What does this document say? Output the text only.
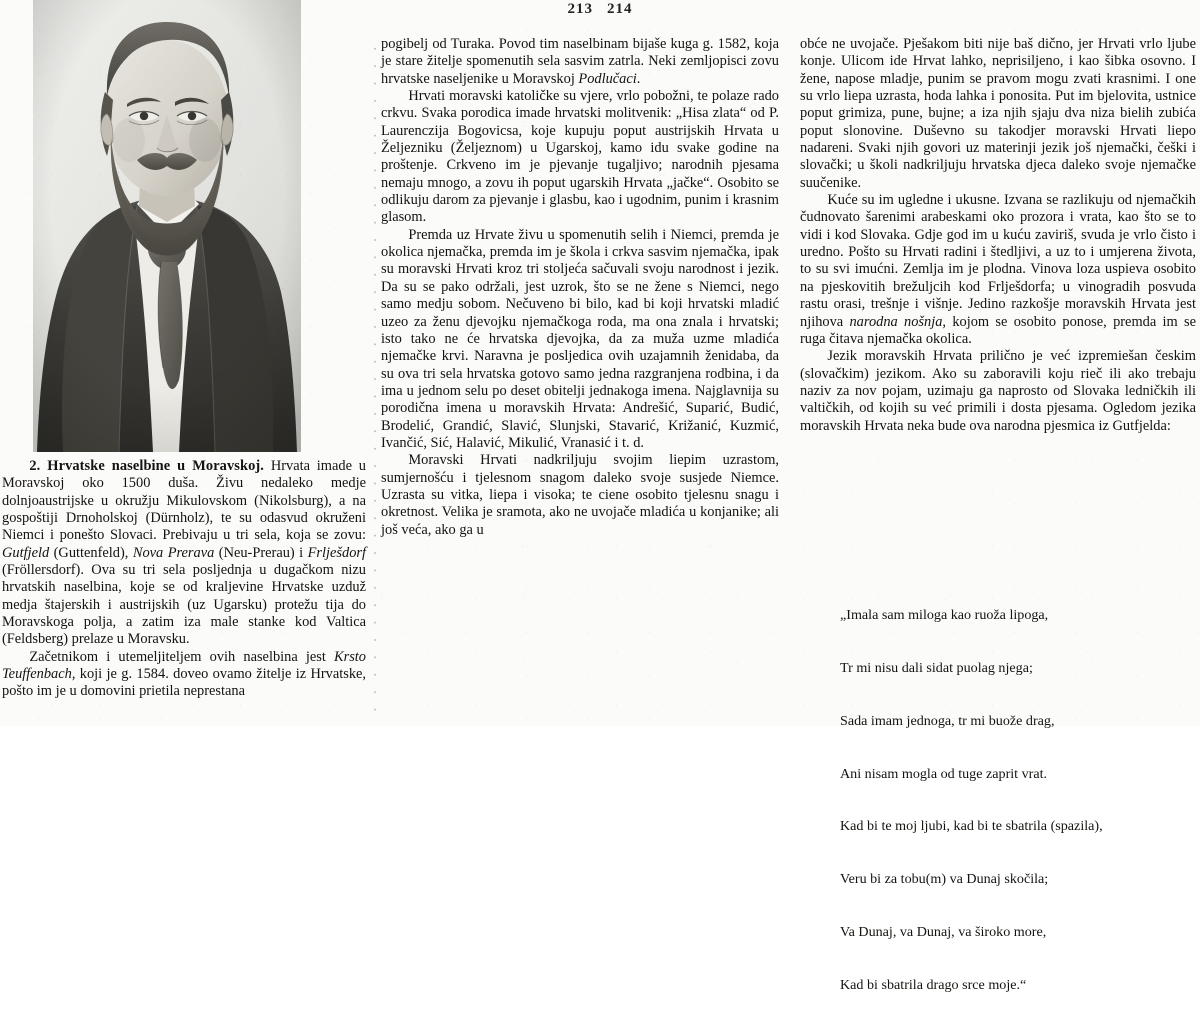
213 214

2. Hrvatske naselbine u Moravskoj. Hrvata imade u Moravskoj oko 1500 duša. Živu nedaleko medje dolnjoaustrijske u okružju Mikulovskom (Nikolsburg), a na gospoštiji Drnoholskoj (Dürnholz), te su odasvud okruženi Niemci i ponešto Slovaci. Prebivaju u tri sela, koja se zovu: Gutfjeld (Guttenfeld), Nova Prerava (Neu-Prerau) i Frlješdorf (Fröllersdorf). Ova su tri sela posljednja u dugačkom nizu hrvatskih naselbina, koje se od kraljevine Hrvatske uzduž medja štajerskih i austrijskih (uz Ugarsku) protežu tija do Moravskoga polja, a zatim iza male stanke kod Valtica (Feldsberg) prelaze u Moravsku.

Začetnikom i utemeljiteljem ovih naselbina jest Krsto Teuffenbach, koji je g. 1584. doveo ovamo žitelje iz Hrvatske, pošto im je u domovini prietila neprestana

pogibelj od Turaka. Povod tim naselbinam bijaše kuga g. 1582, koja je stare žitelje spomenutih sela sasvim zatrla. Neki zemljopisci zovu hrvatske naseljenike u Moravskoj Podlučaci.

Hrvati moravski katoličke su vjere, vrlo pobožni, te polaze rado crkvu. Svaka porodica imade hrvatski molitvenik: „Hisa zlata“ od P. Laurenczija Bogovicsa, koje kupuju poput austrijskih Hrvata u Željezniku (Željeznom) u Ugarskoj, kamo idu svake godine na proštenje. Crkveno im je pjevanje tugaljivo; narodnih pjesama nemaju mnogo, a zovu ih poput ugarskih Hrvata „jačke“. Osobito se odlikuju darom za pjevanje i glasbu, kao i ugodnim, punim i krasnim glasom.

Premda uz Hrvate živu u spomenutih selih i Niemci, premda je okolica njemačka, premda im je škola i crkva sasvim njemačka, ipak su moravski Hrvati kroz tri stoljeća sačuvali svoju narodnost i jezik. Da su se pako održali, jest uzrok, što se ne žene s Niemci, nego samo medju sobom. Nečuveno bi bilo, kad bi koji hrvatski mladić uzeo za ženu djevojku njemačkoga roda, ma ona znala i hrvatski; isto tako ne će hrvatska djevojka, da za muža uzme mladića njemačke krvi. Naravna je posljedica ovih uzajamnih ženidaba, da su ova tri sela hrvatska gotovo samo jedna razgranjena rodbina, i da ima u jednom selu po deset obitelji jednakoga imena. Najglavnija su porodična imena u moravskih Hrvata: Andrešić, Suparić, Budić, Brodelić, Grandić, Slavić, Slunjski, Stavarić, Križanić, Kuzmić, Ivančić, Sić, Halavić, Mikulić, Vranasić i t. d.

Moravski Hrvati nadkriljuju svojim liepim uzrastom, sumjernošću i tjelesnom snagom daleko svoje susjede Niemce. Uzrasta su vitka, liepa i visoka; te ciene osobito tjelesnu snagu i okretnost. Velika je sramota, ako ne uvojače mladića u konjanike; ali još veća, ako ga u

obće ne uvojače. Pješakom biti nije baš dično, jer Hrvati vrlo ljube konje. Ulicom ide Hrvat lahko, neprisiljeno, i kao šibka osovno. I žene, napose mladje, punim se pravom mogu zvati krasnimi. I one su vrlo liepa uzrasta, hoda lahka i ponosita. Put im bjelovita, ustnice poput grimiza, pune, bujne; a iza njih sjaju dva niza bielih zubića poput slonovine. Duševno su takodjer moravski Hrvati liepo nadareni. Svaki njih govori uz materinji jezik još njemački, češki i slovački; u školi nadkriljuju hrvatska djeca daleko svoje njemačke suučenike.

Kuće su im ugledne i ukusne. Izvana se razlikuju od njemačkih čudnovato šarenimi arabeskami oko prozora i vrata, kao što se to vidi i kod Slovaka. Gdje god im u kuću zaviriš, svuda je vrlo čisto i uredno. Pošto su Hrvati radini i štedljivi, a uz to i umjerena života, to su svi imućni. Zemlja im je plodna. Vinova loza uspieva osobito na pjeskovitih brežuljcih kod Frlješdorfa; u vinogradih posvuda rastu orasi, trešnje i višnje. Jedino razkošje moravskih Hrvata jest njihova narodna nošnja, kojom se osobito ponose, premda im se ruga čitava njemačka okolica.

Jezik moravskih Hrvata prilično je već izpremiešan českim (slovačkim) jezikom. Ako su zaboravili koju rieč ili ako trebaju naziv za nov pojam, uzimaju ga naprosto od Slovaka ledničkih ili valtičkih, od kojih su već primili i dosta pjesama. Ogledom jezika moravskih Hrvata neka bude ova narodna pjesmica iz Gutfjelda:

„Imala sam miloga kao ruoža lipoga,

Tr mi nisu dali sidat puolag njega;

Sada imam jednoga, tr mi buože drag,

Ani nisam mogla od tuge zaprit vrat.

Kad bi te moj ljubi, kad bi te sbatrila (spazila),

Veru bi za tobu(m) va Dunaj skočila;

Va Dunaj, va Dunaj, va široko more,

Kad bi sbatrila drago srce moje.“
